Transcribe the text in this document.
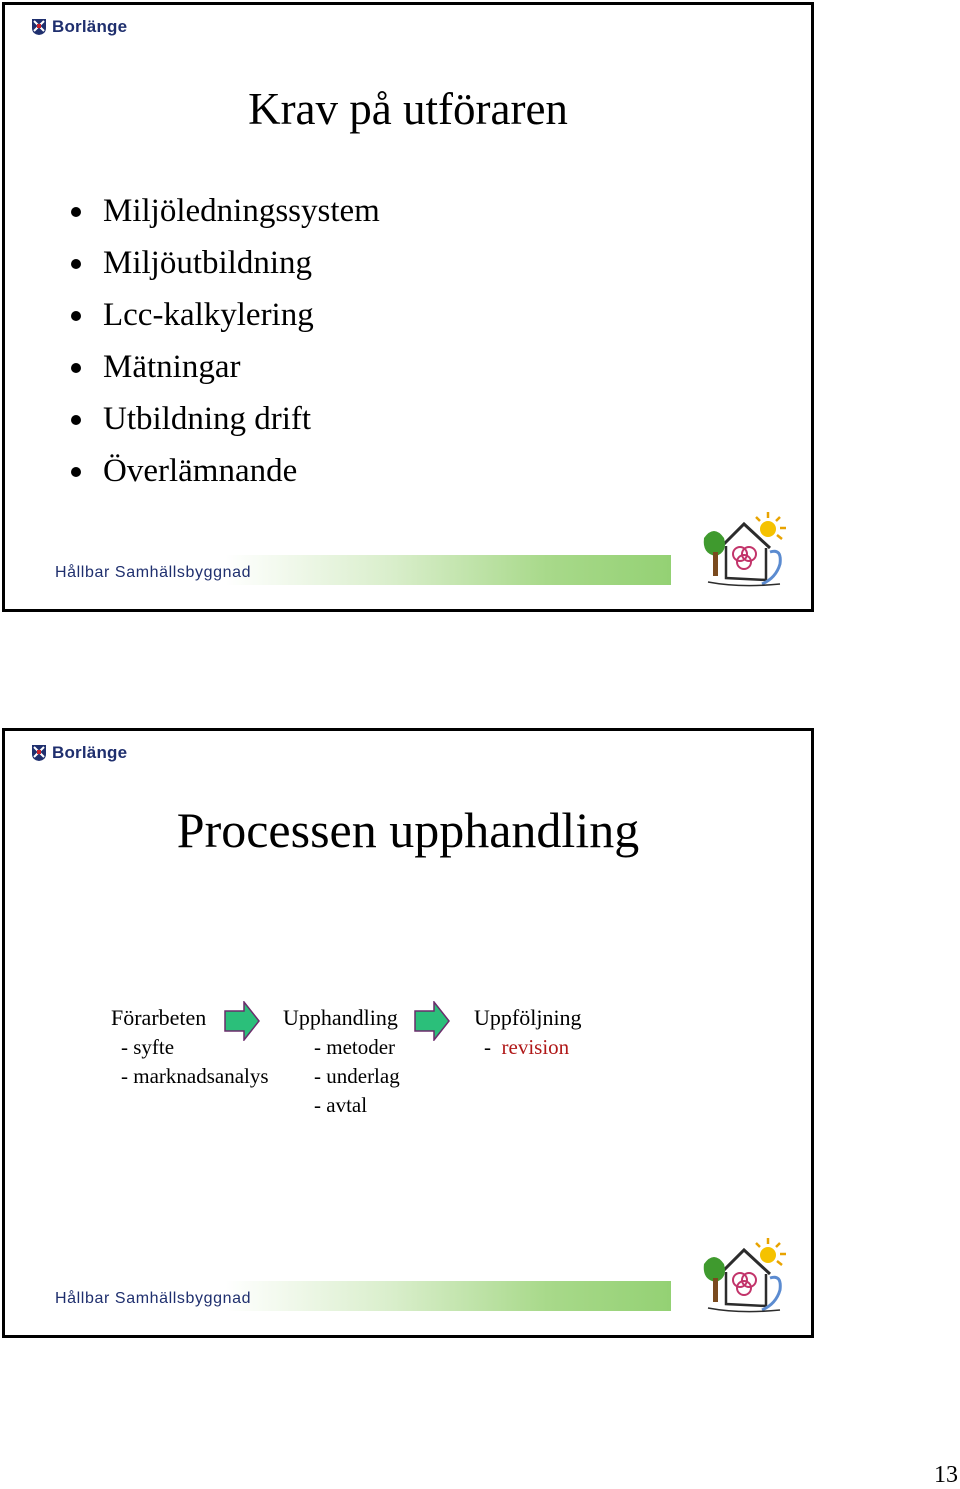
Borlänge
Krav på utföraren
Miljöledningssystem
Miljöutbildning
Lcc-kalkylering
Mätningar
Utbildning drift
Överlämnande
Hållbar Samhällsbyggnad
Borlänge
Processen upphandling
Förarbeten
- syfte
- marknadsanalys
Upphandling
- metoder
- underlag
- avtal
Uppföljning
- revision
Hållbar Samhällsbyggnad
13
